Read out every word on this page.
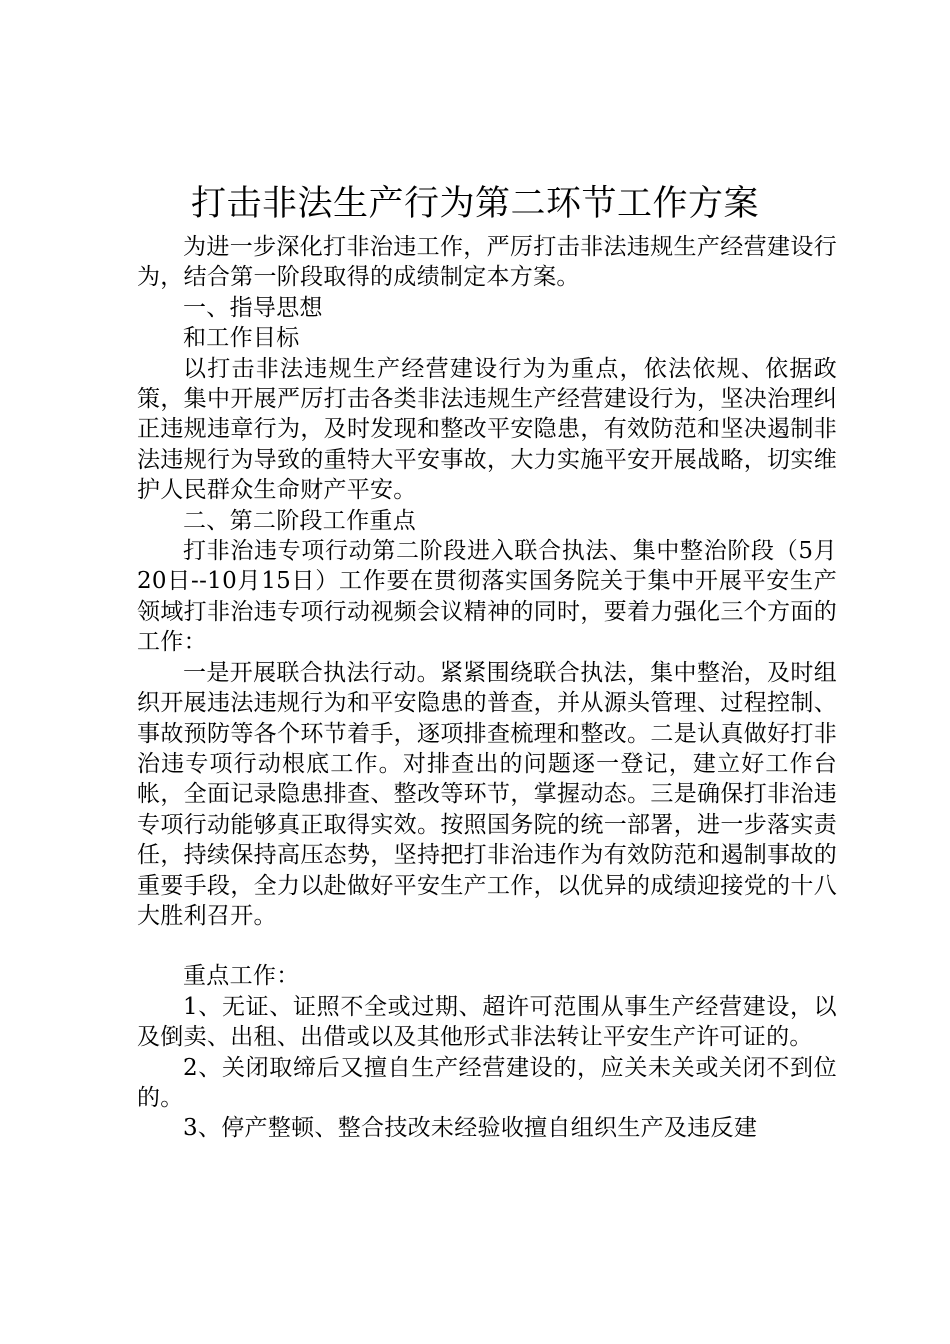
打击非法生产行为第二环节工作方案

为进一步深化打非治违工作，严厉打击非法违规生产经营建设行为，结合第一阶段取得的成绩制定本方案。

一、指导思想

和工作目标

以打击非法违规生产经营建设行为为重点，依法依规、依据政策，集中开展严厉打击各类非法违规生产经营建设行为，坚决治理纠正违规违章行为，及时发现和整改平安隐患，有效防范和坚决遏制非法违规行为导致的重特大平安事故，大力实施平安开展战略，切实维护人民群众生命财产平安。

二、第二阶段工作重点

打非治违专项行动第二阶段进入联合执法、集中整治阶段（5月20日--10月15日）工作要在贯彻落实国务院关于集中开展平安生产领域打非治违专项行动视频会议精神的同时，要着力强化三个方面的工作：

一是开展联合执法行动。紧紧围绕联合执法，集中整治，及时组织开展违法违规行为和平安隐患的普查，并从源头管理、过程控制、事故预防等各个环节着手，逐项排查梳理和整改。二是认真做好打非治违专项行动根底工作。对排查出的问题逐一登记，建立好工作台帐，全面记录隐患排查、整改等环节，掌握动态。三是确保打非治违专项行动能够真正取得实效。按照国务院的统一部署，进一步落实责任，持续保持高压态势，坚持把打非治违作为有效防范和遏制事故的重要手段，全力以赴做好平安生产工作，以优异的成绩迎接党的十八大胜利召开。

重点工作：

1、无证、证照不全或过期、超许可范围从事生产经营建设，以及倒卖、出租、出借或以及其他形式非法转让平安生产许可证的。

2、关闭取缔后又擅自生产经营建设的，应关未关或关闭不到位的。

3、停产整顿、整合技改未经验收擅自组织生产及违反建
